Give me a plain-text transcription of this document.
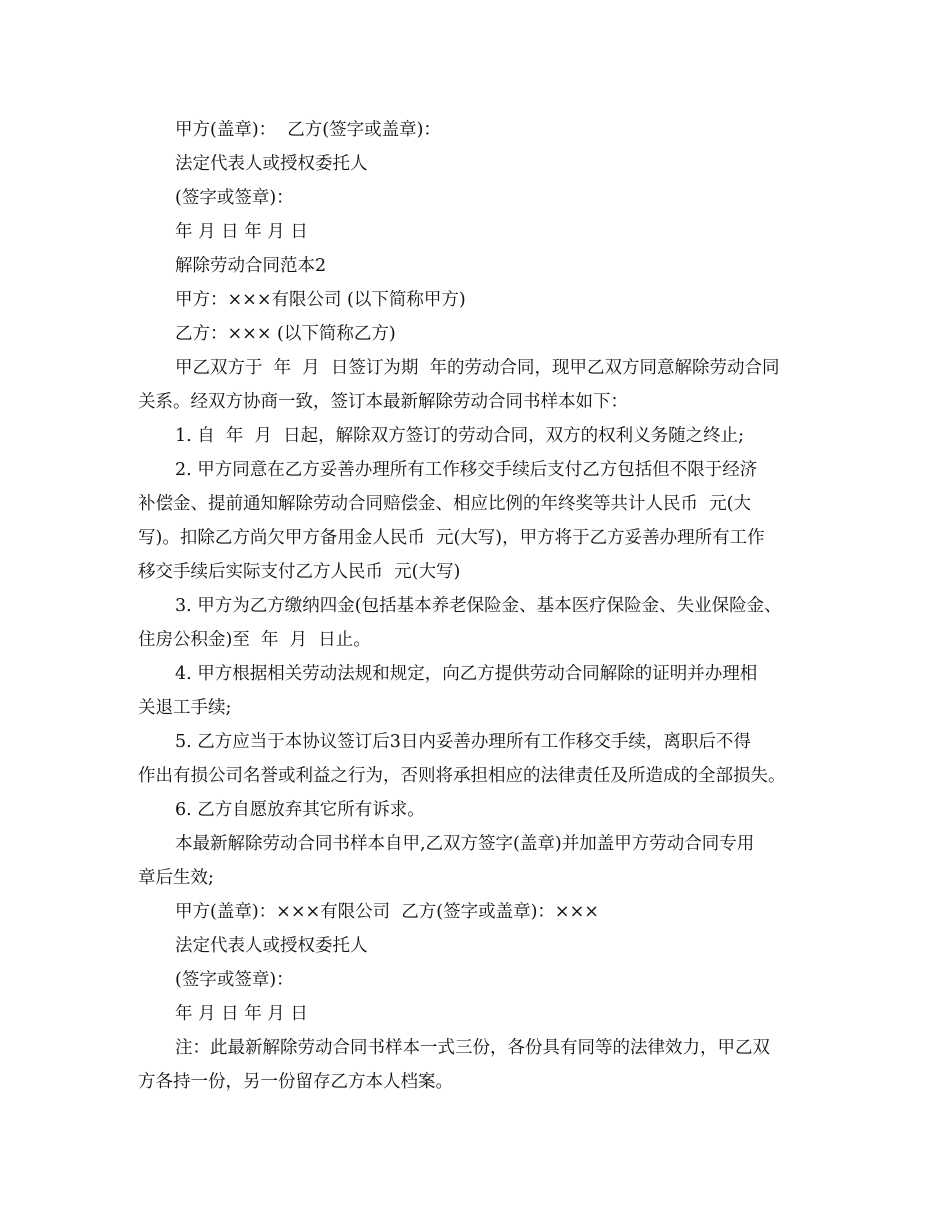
甲方(盖章)：  乙方(签字或盖章)：
法定代表人或授权委托人
(签字或签章)：
年 月 日 年 月 日
解除劳动合同范本2
甲方：×××有限公司 (以下简称甲方)
乙方：××× (以下简称乙方)
甲乙双方于  年  月  日签订为期  年的劳动合同，现甲乙双方同意解除劳动合同
关系。经双方协商一致，签订本最新解除劳动合同书样本如下：
1. 自  年  月  日起，解除双方签订的劳动合同，双方的权利义务随之终止;
2. 甲方同意在乙方妥善办理所有工作移交手续后支付乙方包括但不限于经济
补偿金、提前通知解除劳动合同赔偿金、相应比例的年终奖等共计人民币  元(大
写)。扣除乙方尚欠甲方备用金人民币  元(大写)，甲方将于乙方妥善办理所有工作
移交手续后实际支付乙方人民币  元(大写)
3. 甲方为乙方缴纳四金(包括基本养老保险金、基本医疗保险金、失业保险金、
住房公积金)至  年  月  日止。
4. 甲方根据相关劳动法规和规定，向乙方提供劳动合同解除的证明并办理相
关退工手续;
5. 乙方应当于本协议签订后3日内妥善办理所有工作移交手续，离职后不得
作出有损公司名誉或利益之行为，否则将承担相应的法律责任及所造成的全部损失。
6. 乙方自愿放弃其它所有诉求。
本最新解除劳动合同书样本自甲,乙双方签字(盖章)并加盖甲方劳动合同专用
章后生效;
甲方(盖章)：×××有限公司  乙方(签字或盖章)：×××
法定代表人或授权委托人
(签字或签章)：
年 月 日 年 月 日
注：此最新解除劳动合同书样本一式三份，各份具有同等的法律效力，甲乙双
方各持一份，另一份留存乙方本人档案。
